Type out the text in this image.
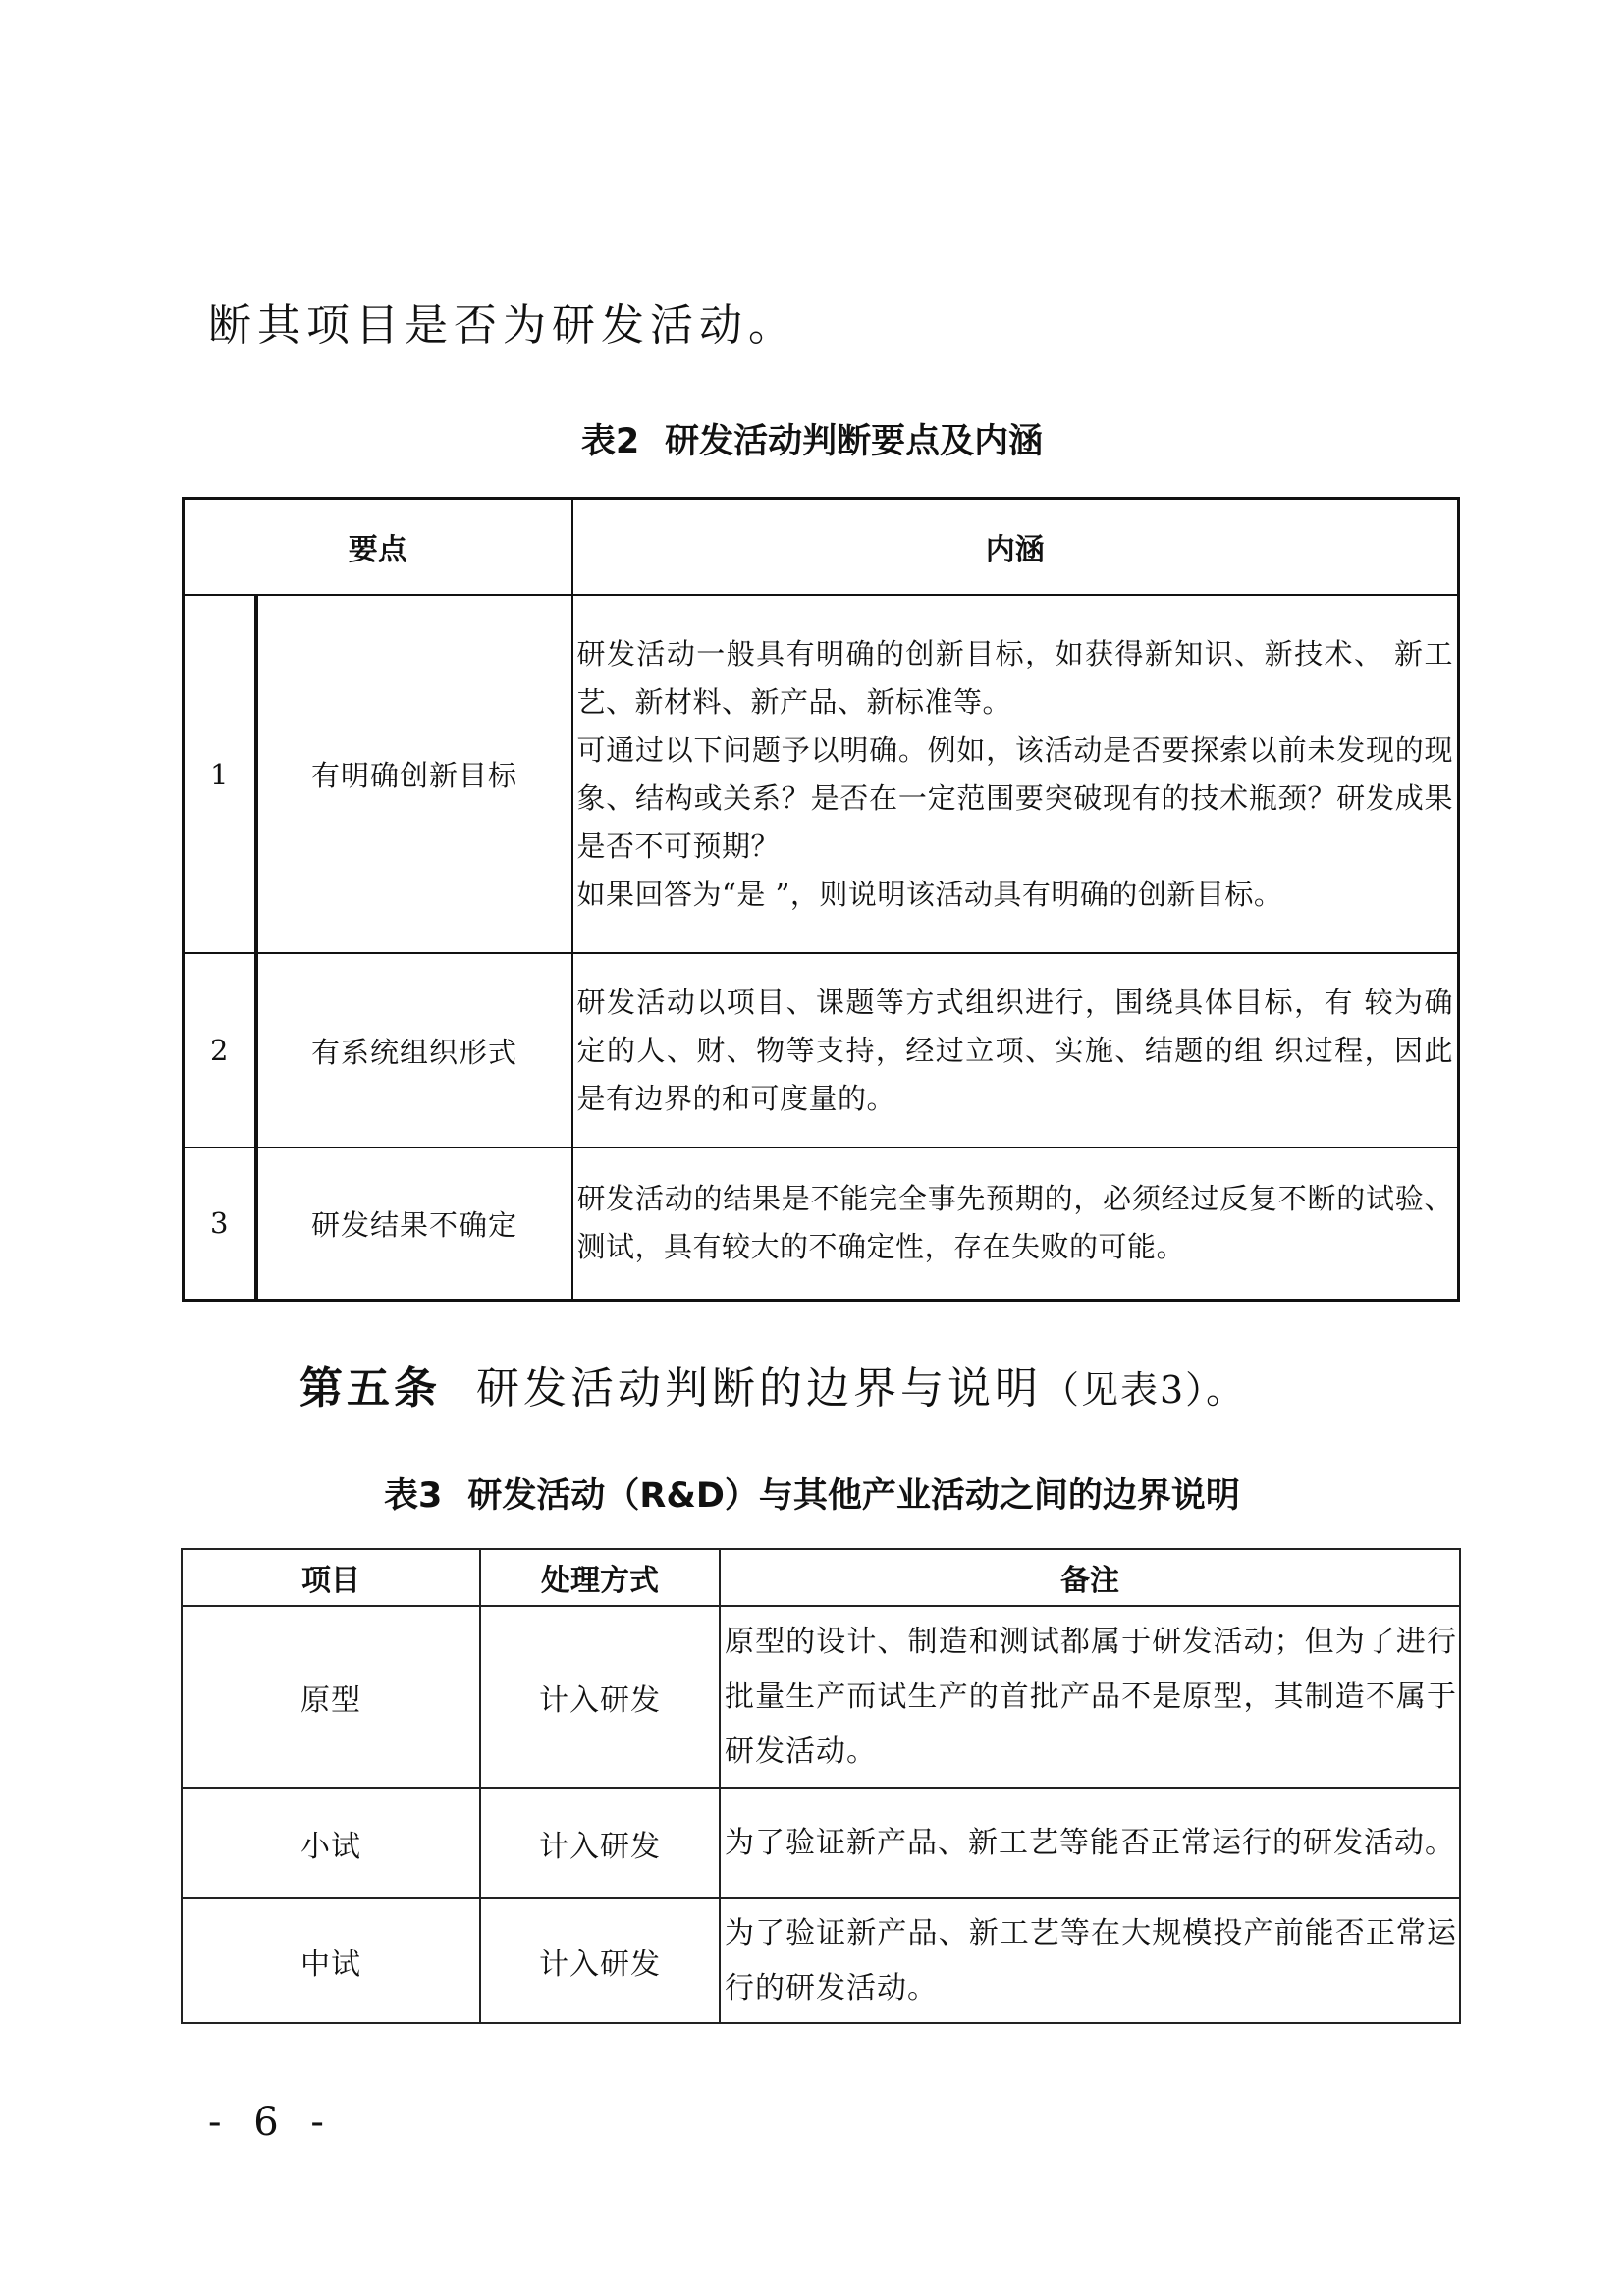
断其项目是否为研发活动。
表2 研发活动判断要点及内涵
要点		内涵
1	有明确创新目标	研发活动一般具有明确的创新目标，如获得新知识、新技术、 新工艺、新材料、新产品、新标准等。
可通过以下问题予以明确。例如，该活动是否要探索以前未发现的现象、结构或关系？是否在一定范围要突破现有的技术瓶颈？研发成果是否不可预期？
如果回答为“是 ”，则说明该活动具有明确的创新目标。

2	有系统组织形式	研发活动以项目、课题等方式组织进行，围绕具体目标，有 较为确定的人、财、物等支持，经过立项、实施、结题的组 织过程，因此是有边界的和可度量的。

3	研发结果不确定	研发活动的结果是不能完全事先预期的，必须经过反复不断的试验、测试，具有较大的不确定性，存在失败的可能。
第五条 研发活动判断的边界与说明（见表3）。
表3 研发活动（R&D）与其他产业活动之间的边界说明
项目	处理方式	备注
原型	计入研发	原型的设计、制造和测试都属于研发活动；但为了进行批量生产而试生产的首批产品不是原型，其制造不属于研发活动。
小试	计入研发	为了验证新产品、新工艺等能否正常运行的研发活动。
中试	计入研发	为了验证新产品、新工艺等在大规模投产前能否正常运行的研发活动。
- 6 -
